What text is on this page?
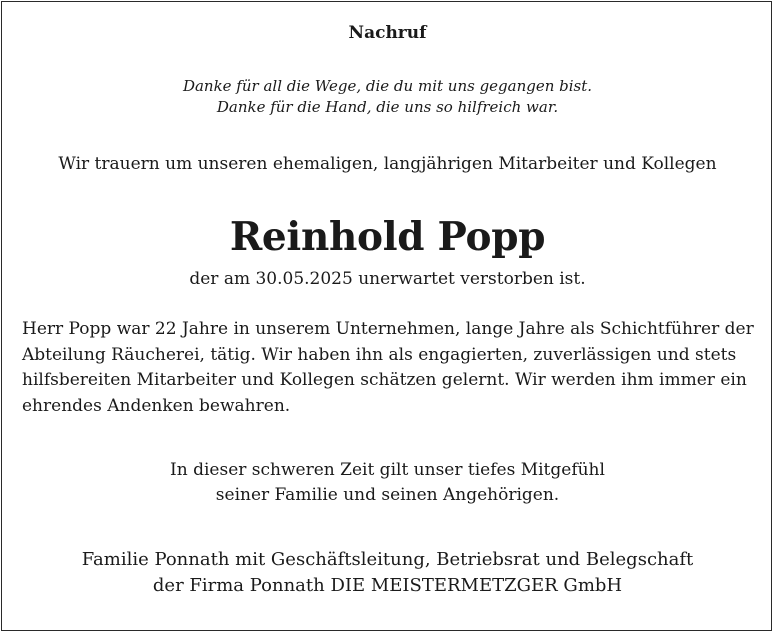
Nachruf
Danke für all die Wege, die du mit uns gegangen bist.
Danke für die Hand, die uns so hilfreich war.
Wir trauern um unseren ehemaligen, langjährigen Mitarbeiter und Kollegen
Reinhold Popp
der am 30.05.2025 unerwartet verstorben ist.
Herr Popp war 22 Jahre in unserem Unternehmen, lange Jahre als Schichtführer der
Abteilung Räucherei, tätig. Wir haben ihn als engagierten, zuverlässigen und stets
hilfsbereiten Mitarbeiter und Kollegen schätzen gelernt. Wir werden ihm immer ein
ehrendes Andenken bewahren.
In dieser schweren Zeit gilt unser tiefes Mitgefühl
seiner Familie und seinen Angehörigen.
Familie Ponnath mit Geschäftsleitung, Betriebsrat und Belegschaft
der Firma Ponnath DIE MEISTERMETZGER GmbH
